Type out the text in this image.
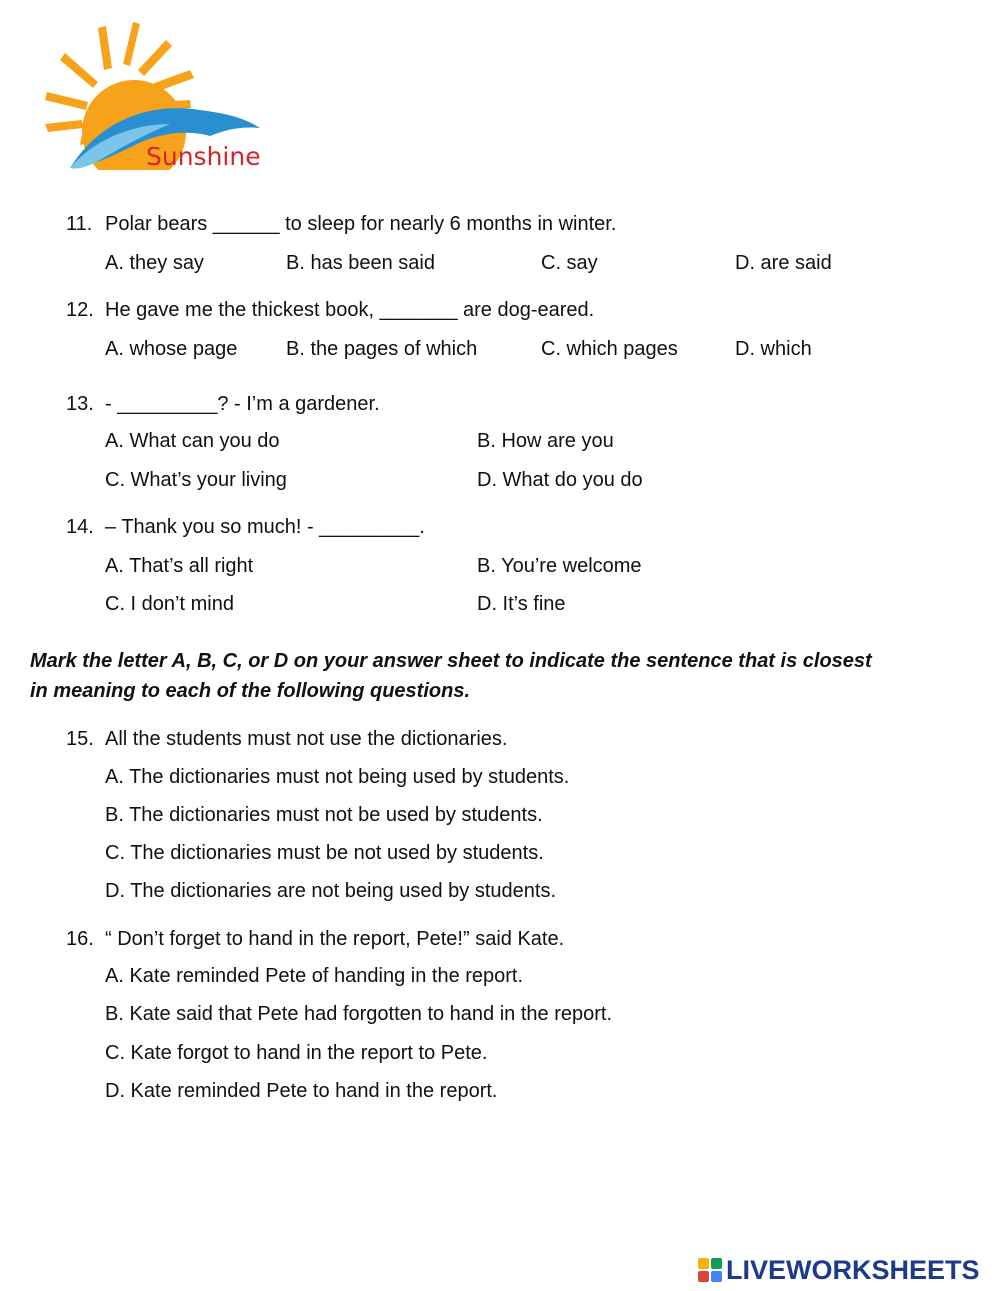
Sunshine
11. Polar bears ______ to sleep for nearly 6 months in winter.
A. they say	B. has been said	C. say	D. are said
12. He gave me the thickest book, _______ are dog-eared.
A. whose page B. the pages of which	C. which pages	D. which
13. - _________? - I’m a gardener.
A. What can you do	B. How are you
C. What’s your living	D. What do you do
14. – Thank you so much! - _________.
A. That’s all right	B. You’re welcome
C. I don’t mind	D. It’s fine
Mark the letter A, B, C, or D on your answer sheet to indicate the sentence that is closest
in meaning to each of the following questions.
15. All the students must not use the dictionaries.
A. The dictionaries must not being used by students.
B. The dictionaries must not be used by students.
C. The dictionaries must be not used by students.
D. The dictionaries are not being used by students.
16. “ Don’t forget to hand in the report, Pete!” said Kate.
A. Kate reminded Pete of handing in the report.
B. Kate said that Pete had forgotten to hand in the report.
C. Kate forgot to hand in the report to Pete.
D. Kate reminded Pete to hand in the report.
LIVEWORKSHEETS
